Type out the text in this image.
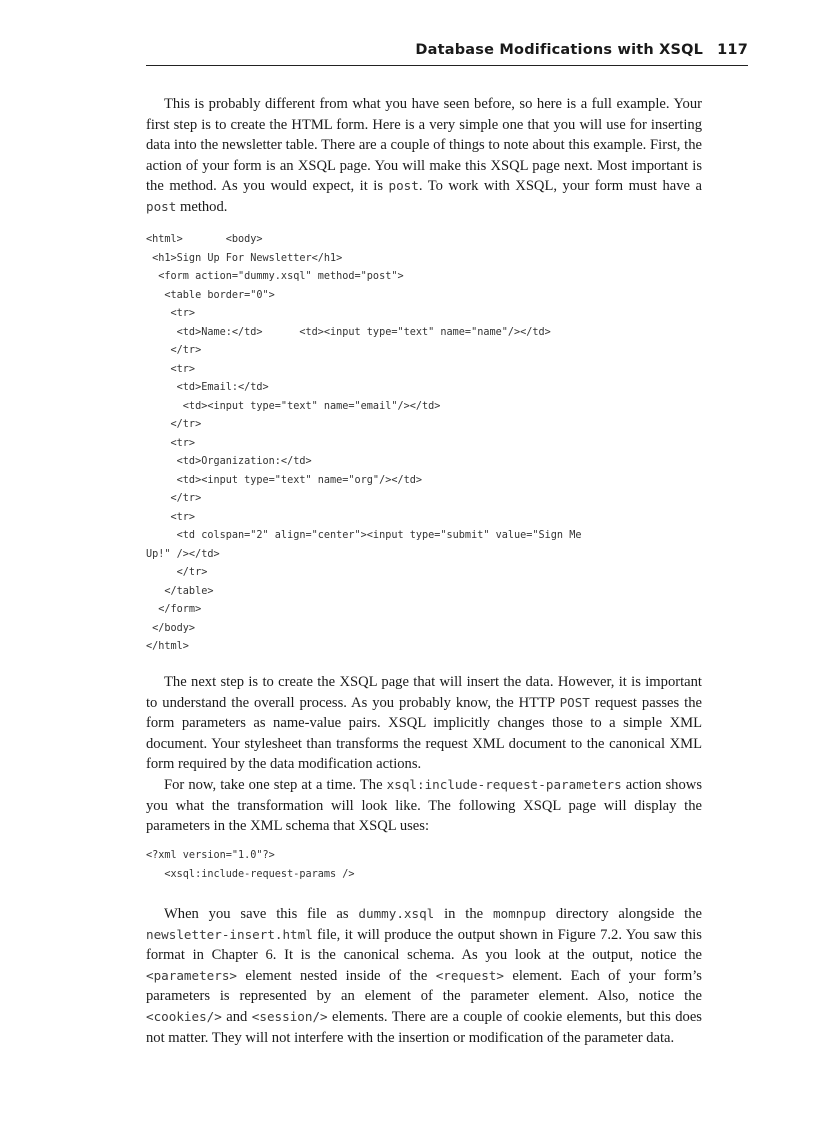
Database Modifications with XSQL 117

This is probably different from what you have seen before, so here is a full example. Your first step is to create the HTML form. Here is a very simple one that you will use for inserting data into the newsletter table. There are a couple of things to note about this example. First, the action of your form is an XSQL page. You will make this XSQL page next. Most important is the method. As you would expect, it is post. To work with XSQL, your form must have a post method.

<html>       <body>
<h1>Sign Up For Newsletter</h1>
<form action="dummy.xsql" method="post">
<table border="0">
<tr>
<td>Name:</td>      <td><input type="text" name="name"/></td>
</tr>
<tr>
<td>Email:</td>
<td><input type="text" name="email"/></td>
</tr>
<tr>
<td>Organization:</td>
<td><input type="text" name="org"/></td>
</tr>
<tr>
<td colspan="2" align="center"><input type="submit" value="Sign Me
Up!" /></td>
</tr>
</table>
</form>
</body>
</html>

The next step is to create the XSQL page that will insert the data. However, it is important to understand the overall process. As you probably know, the HTTP POST request passes the form parameters as name-value pairs. XSQL implicitly changes those to a simple XML document. Your stylesheet than transforms the request XML document to the canonical XML form required by the data modification actions.

For now, take one step at a time. The xsql:include-request-parameters action shows you what the transformation will look like. The following XSQL page will display the parameters in the XML schema that XSQL uses:

<?xml version="1.0"?>
<xsql:include-request-params />

When you save this file as dummy.xsql in the momnpup directory alongside the newsletter-insert.html file, it will produce the output shown in Figure 7.2. You saw this format in Chapter 6. It is the canonical schema. As you look at the output, notice the <parameters> element nested inside of the <request> element. Each of your form’s parameters is represented by an element of the parameter element. Also, notice the <cookies/> and <session/> elements. There are a couple of cookie elements, but this does not matter. They will not interfere with the insertion or modification of the parameter data.
